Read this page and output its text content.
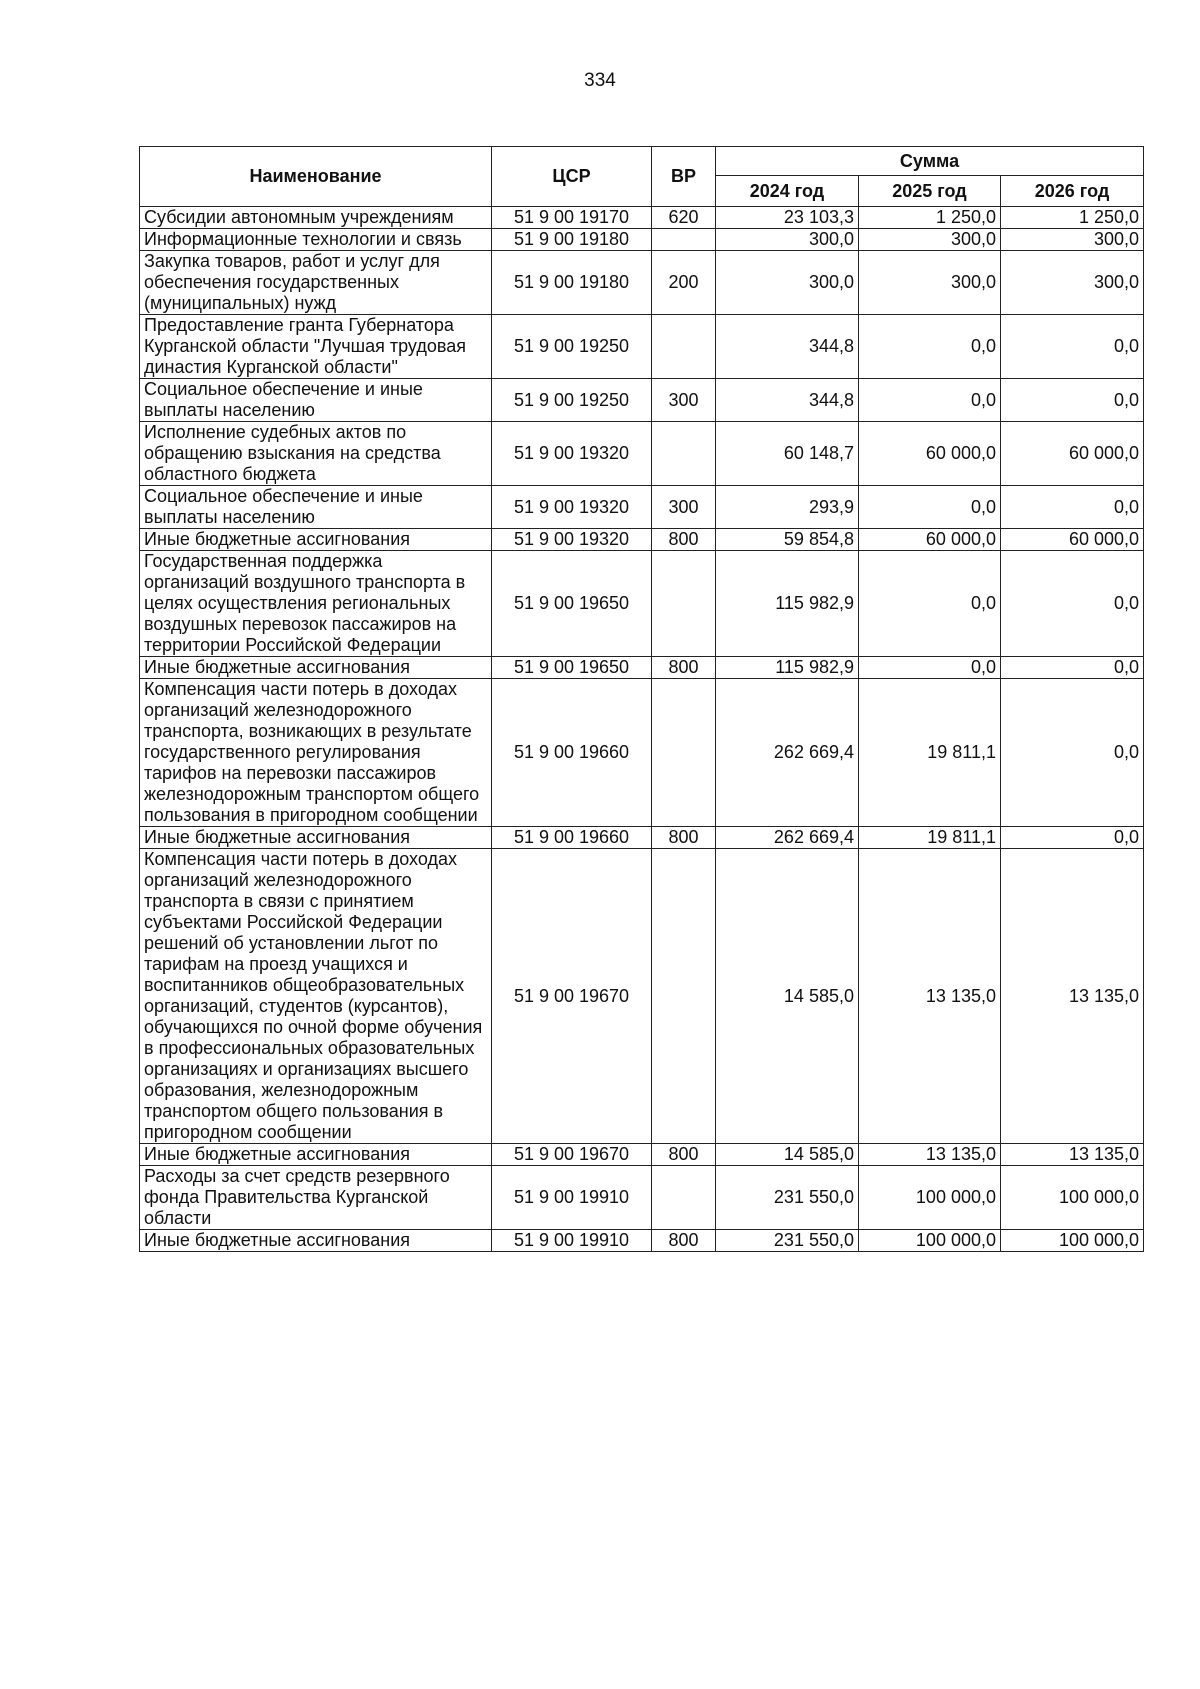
334
Наименование	ЦСР	ВР	Сумма		
			2024 год	2025 год	2026 год
Субсидии автономным учреждениям	51 9 00 19170	620	23 103,3	1 250,0	1 250,0
Информационные технологии и связь	51 9 00 19180		300,0	300,0	300,0
Закупка товаров, работ и услуг для обеспечения государственных (муниципальных) нужд	51 9 00 19180	200	300,0	300,0	300,0
Предоставление гранта Губернатора Курганской области "Лучшая трудовая династия Курганской области"	51 9 00 19250		344,8	0,0	0,0
Социальное обеспечение и иные выплаты населению	51 9 00 19250	300	344,8	0,0	0,0
Исполнение судебных актов по обращению взыскания на средства областного бюджета	51 9 00 19320		60 148,7	60 000,0	60 000,0
Социальное обеспечение и иные выплаты населению	51 9 00 19320	300	293,9	0,0	0,0
Иные бюджетные ассигнования	51 9 00 19320	800	59 854,8	60 000,0	60 000,0
Государственная поддержка организаций воздушного транспорта в целях осуществления региональных воздушных перевозок пассажиров на территории Российской Федерации	51 9 00 19650		115 982,9	0,0	0,0
Иные бюджетные ассигнования	51 9 00 19650	800	115 982,9	0,0	0,0
Компенсация части потерь в доходах организаций железнодорожного транспорта, возникающих в результате государственного регулирования тарифов на перевозки пассажиров железнодорожным транспортом общего пользования в пригородном сообщении	51 9 00 19660		262 669,4	19 811,1	0,0
Иные бюджетные ассигнования	51 9 00 19660	800	262 669,4	19 811,1	0,0
Компенсация части потерь в доходах организаций железнодорожного транспорта в связи с принятием субъектами Российской Федерации решений об установлении льгот по тарифам на проезд учащихся и воспитанников общеобразовательных организаций, студентов (курсантов), обучающихся по очной форме обучения в профессиональных образовательных организациях и организациях высшего образования, железнодорожным транспортом общего пользования в пригородном сообщении	51 9 00 19670		14 585,0	13 135,0	13 135,0
Иные бюджетные ассигнования	51 9 00 19670	800	14 585,0	13 135,0	13 135,0
Расходы за счет средств резервного фонда Правительства Курганской области	51 9 00 19910		231 550,0	100 000,0	100 000,0
Иные бюджетные ассигнования	51 9 00 19910	800	231 550,0	100 000,0	100 000,0
